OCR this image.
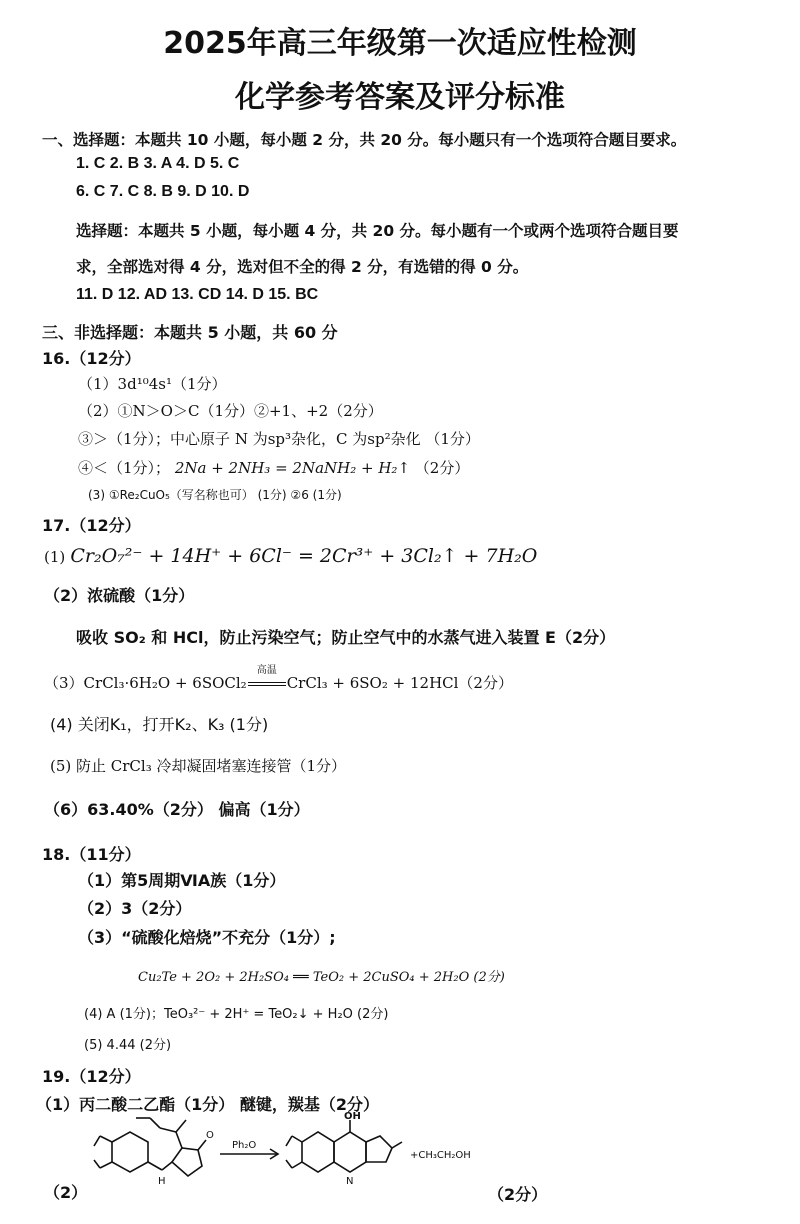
2025年高三年级第一次适应性检测
化学参考答案及评分标准
一、选择题：本题共 10 小题，每小题 2 分，共 20 分。每小题只有一个选项符合题目要求。
1. C 2. B 3. A 4. D 5. C
6. C 7. C 8. B 9. D 10. D
选择题：本题共 5 小题，每小题 4 分，共 20 分。每小题有一个或两个选项符合题目要
求，全部选对得 4 分，选对但不全的得 2 分，有选错的得 0 分。
11. D 12. AD 13. CD 14. D 15. BC
三、非选择题：本题共 5 小题，共 60 分
16.（12分）
（1）3d¹⁰4s¹（1分）
（2）①N＞O＞C（1分）②+1、+2（2分）
③＞（1分）；中心原子 N 为sp³杂化，C 为sp²杂化 （1分）
④＜（1分）； 2Na + 2NH₃ = 2NaNH₂ + H₂↑ （2分）
(3) ①Re₂CuO₅（写名称也可） (1分) ②6 (1分)
17.（12分）
(1) Cr₂O₇²⁻ + 14H⁺ + 6Cl⁻ = 2Cr³⁺ + 3Cl₂↑ + 7H₂O
（2）浓硫酸（1分）
吸收 SO₂ 和 HCl，防止污染空气；防止空气中的水蒸气进入装置 E（2分）
（3）CrCl₃·6H₂O + 6SOCl₂
高温
CrCl₃ + 6SO₂ + 12HCl（2分）
(4) 关闭K₁，打开K₂、K₃ (1分)
(5) 防止 CrCl₃ 冷却凝固堵塞连接管（1分）
（6）63.40%（2分） 偏高（1分）
18.（11分）
（1）第5周期ⅥA族（1分）
（2）3（2分）
（3）“硫酸化焙烧”不充分（1分）;
Cu₂Te + 2O₂ + 2H₂SO₄ ══ TeO₂ + 2CuSO₄ + 2H₂O (2分)
(4) A (1分)；TeO₃²⁻ + 2H⁺ = TeO₂↓ + H₂O (2分)
(5) 4.44 (2分)
19.（12分）
（1）丙二酸二乙酯（1分） 醚键，羰基（2分）
（2）
Ph₂O
+CH₃CH₂OH
OH
N
H
O
（2分）
